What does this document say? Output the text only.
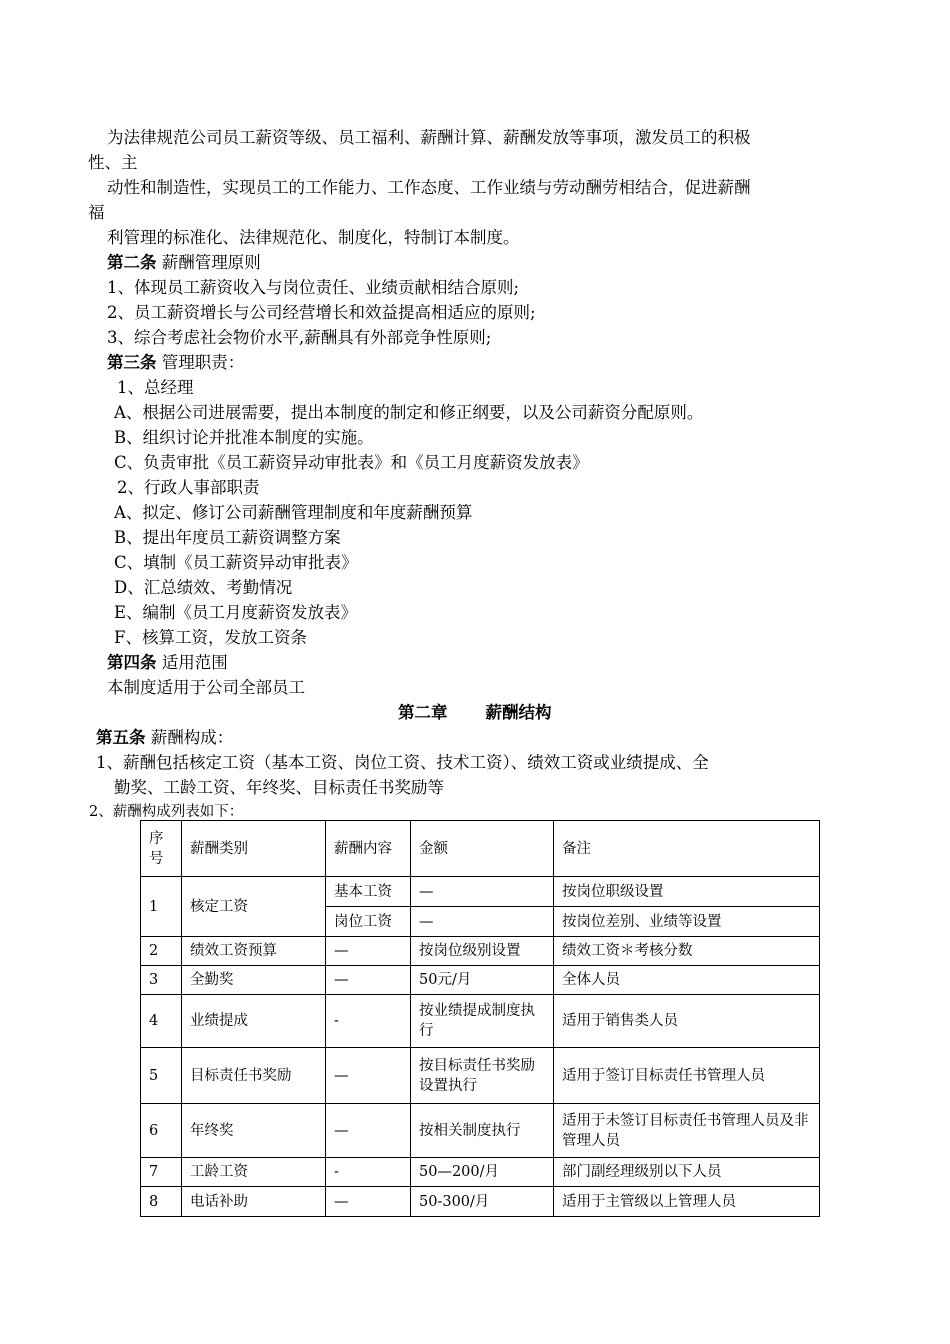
为法律规范公司员工薪资等级、员工福利、薪酬计算、薪酬发放等事项，激发员工的积极
性、主
动性和制造性，实现员工的工作能力、工作态度、工作业绩与劳动酬劳相结合，促进薪酬
福
利管理的标准化、法律规范化、制度化，特制订本制度。
第二条 薪酬管理原则
1、体现员工薪资收入与岗位责任、业绩贡献相结合原则;
2、员工薪资增长与公司经营增长和效益提高相适应的原则;
3、综合考虑社会物价水平,薪酬具有外部竞争性原则;
第三条 管理职责：
1、总经理
A、根据公司进展需要，提出本制度的制定和修正纲要，以及公司薪资分配原则。
B、组织讨论并批准本制度的实施。
C、负责审批《员工薪资异动审批表》和《员工月度薪资发放表》
2、行政人事部职责
A、拟定、修订公司薪酬管理制度和年度薪酬预算
B、提出年度员工薪资调整方案
C、填制《员工薪资异动审批表》
D、汇总绩效、考勤情况
E、编制《员工月度薪资发放表》
F、核算工资，发放工资条
第四条 适用范围
本制度适用于公司全部员工
第二章 薪酬结构
第五条 薪酬构成：
1、薪酬包括核定工资（基本工资、岗位工资、技术工资）、绩效工资或业绩提成、全
勤奖、工龄工资、年终奖、目标责任书奖励等
2、薪酬构成列表如下：
序号	薪酬类别	薪酬内容	金额	备注
1	核定工资	基本工资	—	按岗位职级设置
		岗位工资	—	按岗位差别、业绩等设置
2	绩效工资预算	—	按岗位级别设置	绩效工资＊考核分数
3	全勤奖	—	50元/月	全体人员
4	业绩提成	-	按业绩提成制度执行	适用于销售类人员
5	目标责任书奖励	—	按目标责任书奖励设置执行	适用于签订目标责任书管理人员
6	年终奖	—	按相关制度执行	适用于未签订目标责任书管理人员及非管理人员
7	工龄工资	-	50—200/月	部门副经理级别以下人员
8	电话补助	—	50-300/月	适用于主管级以上管理人员
